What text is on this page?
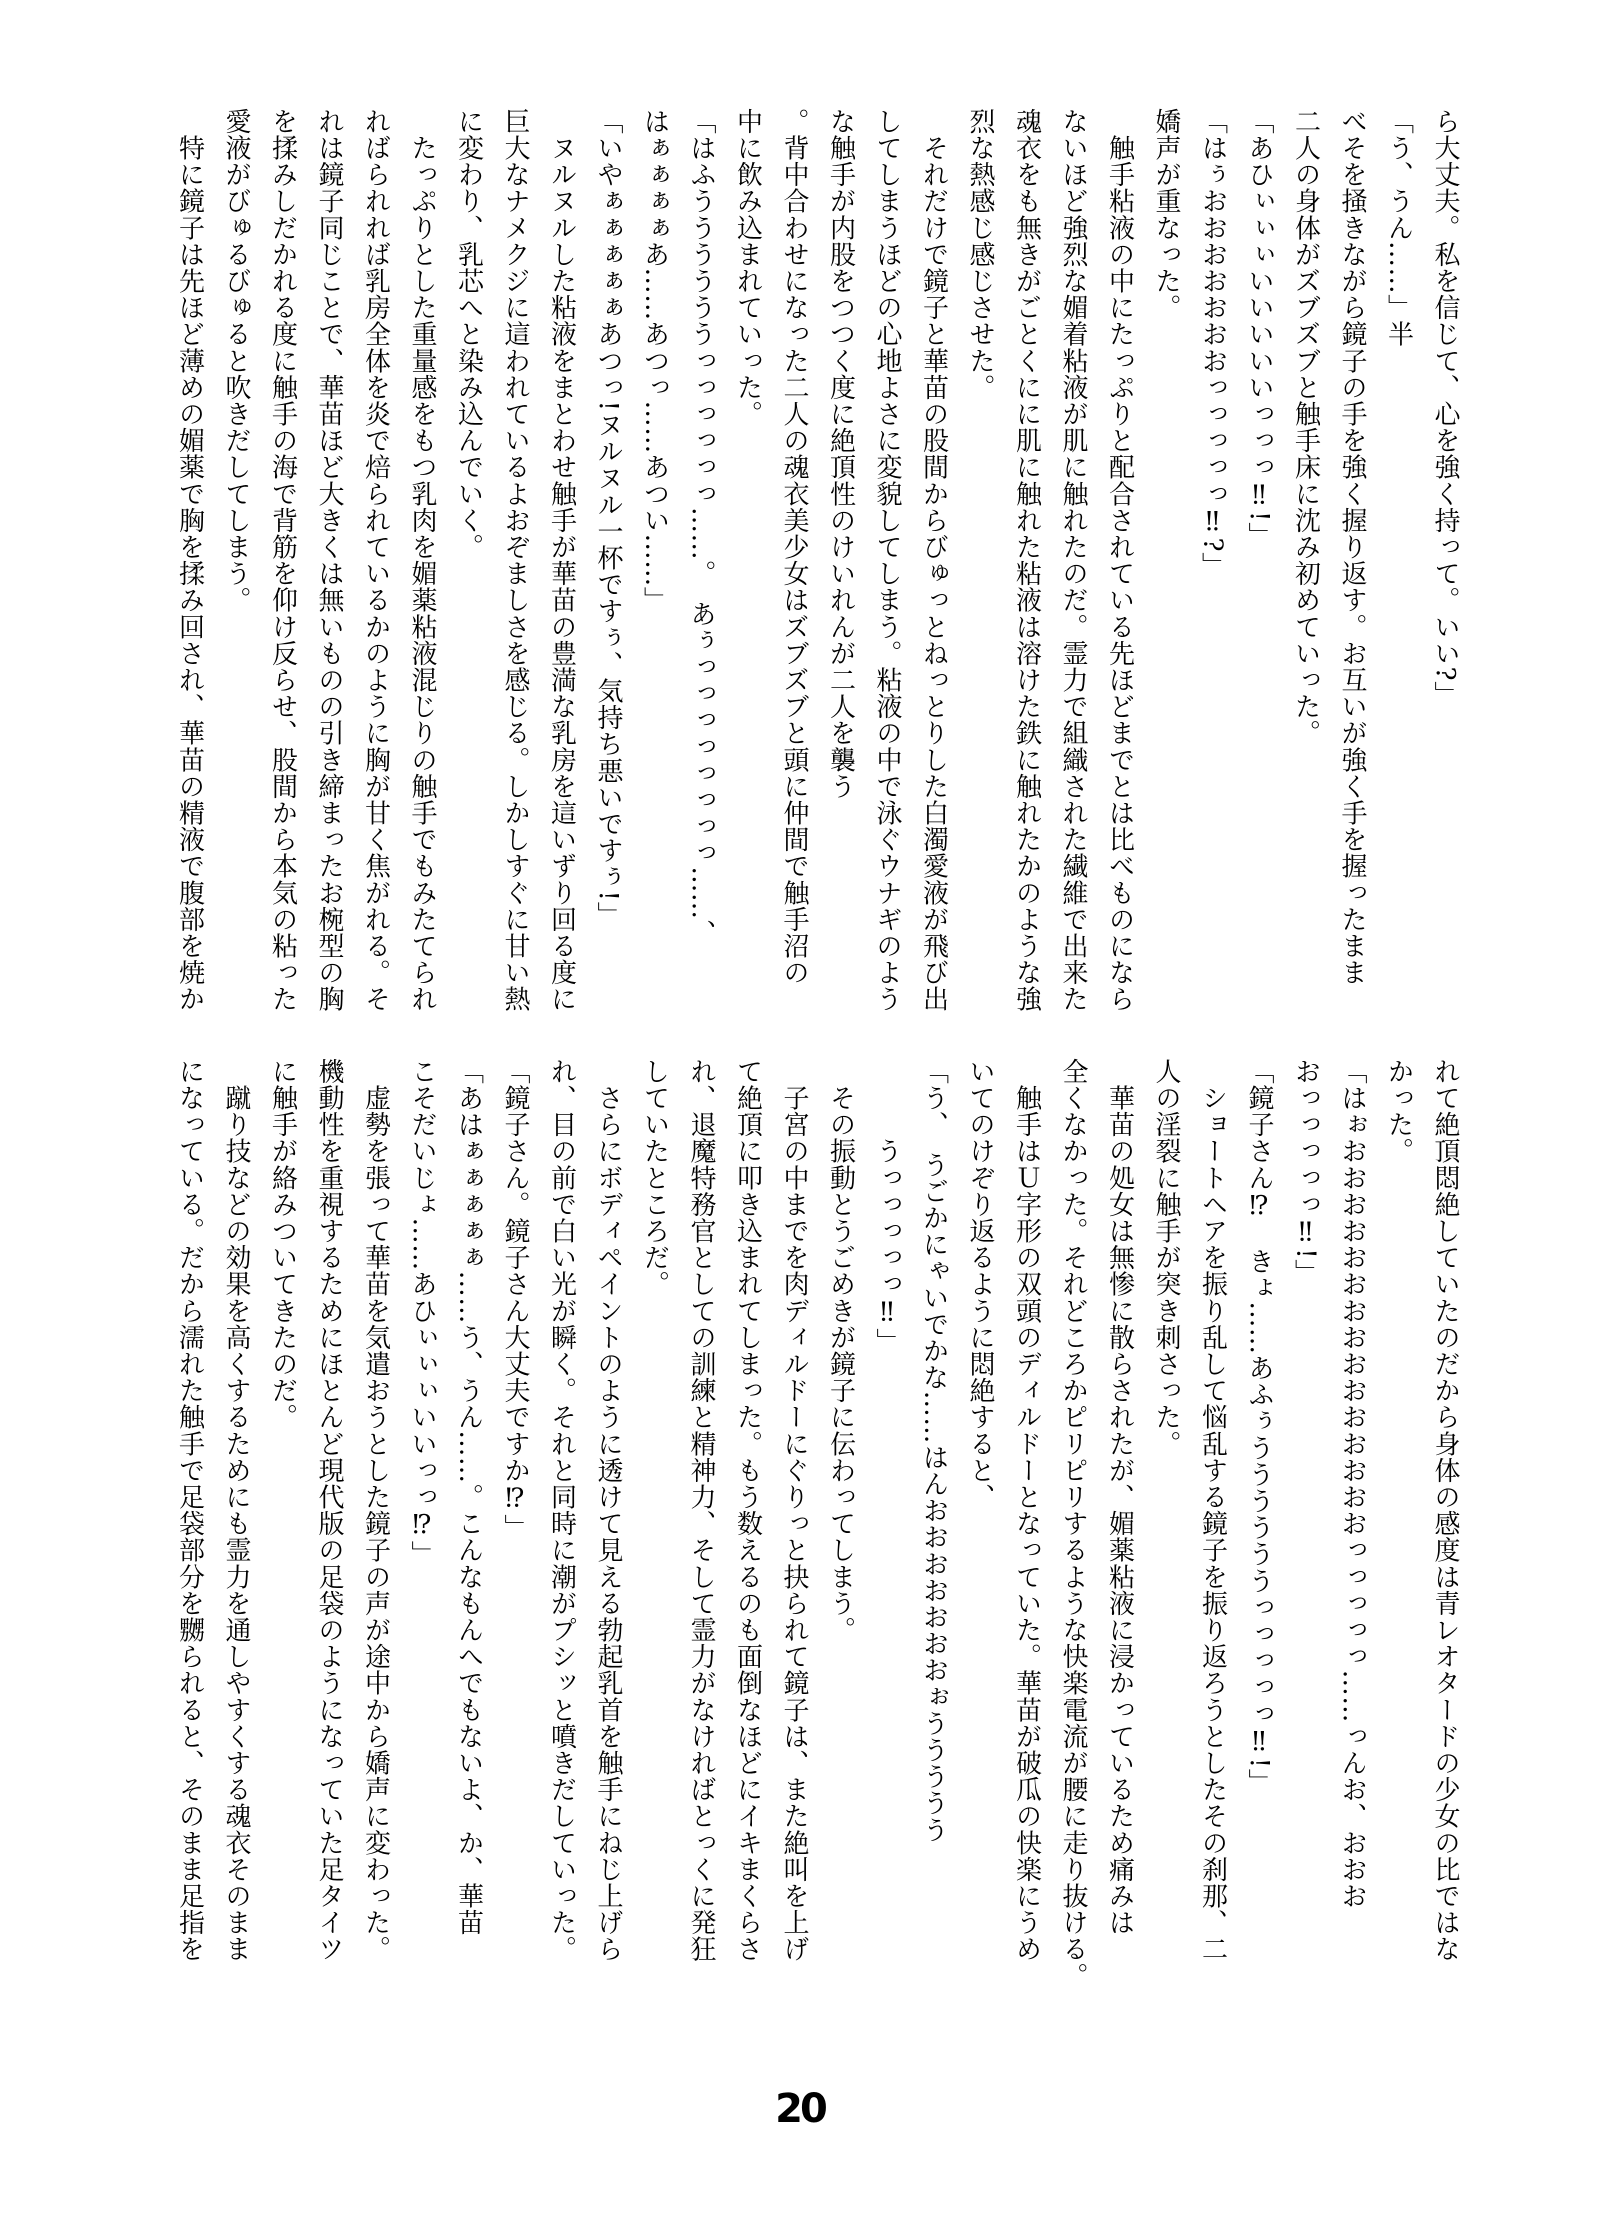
ら大丈夫。私を信じて、心を強く持って。いい?」
「う、うん……」半
べそを掻きながら鏡子の手を強く握り返す。お互いが強く手を握ったまま
二人の身体がズブズブと触手床に沈み初めていった。
「あひぃぃぃいいいいいっっっ‼!」
「はぅおおおおおおおっっっっっ‼?」
嬌声が重なった。
　触手粘液の中にたっぷりと配合されている先ほどまでとは比べものになら
ないほど強烈な媚着粘液が肌に触れたのだ。霊力で組織された繊維で出来た
魂衣をも無きがごとくにに肌に触れた粘液は溶けた鉄に触れたかのような強
烈な熱感じ感じさせた。
　それだけで鏡子と華苗の股間からびゅっとねっとりした白濁愛液が飛び出
してしまうほどの心地よさに変貌してしまう。粘液の中で泳ぐウナギのよう
な触手が内股をつつく度に絶頂性のけいれんが二人を襲う
。背中合わせになった二人の魂衣美少女はズブズブと頭に仲間で触手沼の
中に飲み込まれていった。
「はふううううううっっっっっっ……。　あぅっっっっっっっっ……、
はぁぁぁぁあ……あつっ……あつい……」
「いやぁぁぁぁぁあつっ!ヌルヌル一杯ですぅ、気持ち悪いですぅ!」
　ヌルヌルした粘液をまとわせ触手が華苗の豊満な乳房を這いずり回る度に
巨大なナメクジに這われているよおぞましさを感じる。しかしすぐに甘い熱
に変わり、乳芯へと染み込んでいく。
　たっぷりとした重量感をもつ乳肉を媚薬粘液混じりの触手でもみたてられ
ればられれば乳房全体を炎で焙られているかのように胸が甘く焦がれる。そ
れは鏡子同じことで、華苗ほど大きくは無いものの引き締まったお椀型の胸
を揉みしだかれる度に触手の海で背筋を仰け反らせ、股間から本気の粘った
愛液がびゅるびゅると吹きだしてしまう。
　特に鏡子は先ほど薄めの媚薬で胸を揉み回され、華苗の精液で腹部を焼か
れて絶頂悶絶していたのだから身体の感度は青レオタードの少女の比ではな
かった。
「はぉおおおおおおおおおおおおおおおっっっっっ……っんお、おおお
おっっっっっ‼!」
「鏡子さん⁉　きょ……あふぅううううううっっっっっ‼!」
　ショートヘアを振り乱して悩乱する鏡子を振り返ろうとしたその刹那、二
人の淫裂に触手が突き刺さった。
　華苗の処女は無惨に散らされたが、媚薬粘液に浸かっているため痛みは
全くなかった。それどころかピリピリするような快楽電流が腰に走り抜ける。
　触手はＵ字形の双頭のディルドーとなっていた。華苗が破瓜の快楽にうめ
いてのけぞり返るように悶絶すると、
「う、　うごかにゃいでかな……はんおおおおおおおぉううううう
　　　うっっっっっ‼」
　その振動とうごめきが鏡子に伝わってしまう。
　子宮の中までを肉ディルドーにぐりっと抉られて鏡子は、また絶叫を上げ
て絶頂に叩き込まれてしまった。もう数えるのも面倒なほどにイキまくらさ
れ、退魔特務官としての訓練と精神力、そして霊力がなければとっくに発狂
していたところだ。
　さらにボディペイントのように透けて見える勃起乳首を触手にねじ上げら
れ、目の前で白い光が瞬く。それと同時に潮がプシッと噴きだしていった。
「鏡子さん。鏡子さん大丈夫ですか⁉」
「あはぁぁぁぁぁ……う、うん……。こんなもんへでもないよ、か、華苗
こそだいじょ……あひぃぃぃいいっっ⁉」
　虚勢を張って華苗を気遣おうとした鏡子の声が途中から嬌声に変わった。
機動性を重視するためにほとんど現代版の足袋のようになっていた足タイツ
に触手が絡みついてきたのだ。
　蹴り技などの効果を高くするためにも霊力を通しやすくする魂衣そのまま
になっている。だから濡れた触手で足袋部分を嬲られると、そのまま足指を
20
